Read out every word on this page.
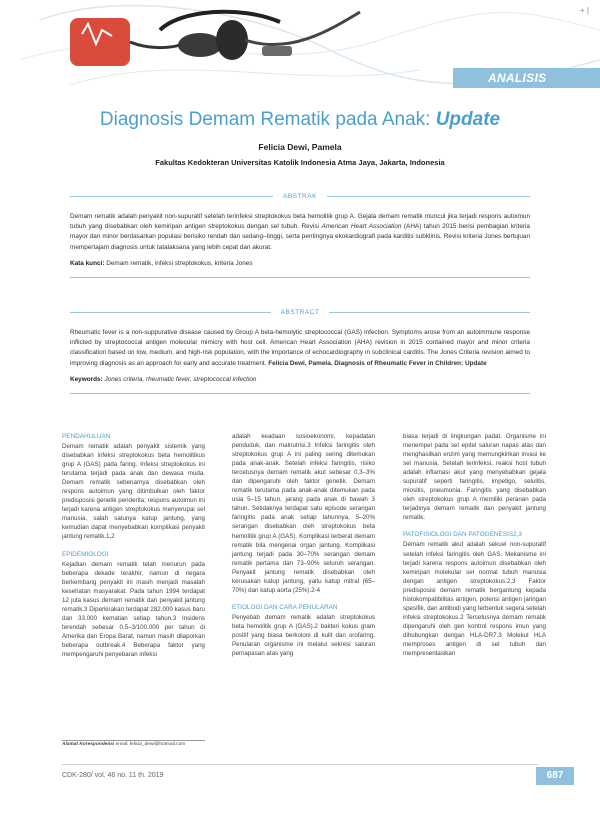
+ |
ANALISIS
Diagnosis Demam Rematik pada Anak: Update
Felicia Dewi, Pamela
Fakultas Kedokteran Universitas Katolik Indonesia Atma Jaya, Jakarta, Indonesia
ABSTRAK
Demam rematik adalah penyakit non-supuratif setelah terinfeksi streptokokus beta hemolitik grup A. Gejala demam rematik muncul jika terjadi respons autoimun tubuh yang disebabkan oleh kemiripan antigen streptokokus dengan sel tubuh. Revisi American Heart Association (AHA) tahun 2015 berisi pembagian kriteria mayor dan minor berdasarkan populasi berisiko rendah dan sedang–tinggi, serta pentingnya ekokardiografi pada karditis subklinis. Revisi kriteria Jones bertujuan mempertajam diagnosis untuk tatalaksana yang lebih cepat dan akurat.
Kata kunci: Demam rematik, infeksi streptokokus, kriteria Jones
ABSTRACT
Rheumatic fever is a non-suppurative disease caused by Group A beta-hemolytic streptococcal (GAS) infection. Symptoms arose from an autoimmune response inflicted by streptococcal antigen molecular mimicry with host cell. American Heart Association (AHA) revision in 2015 contained mayor and minor criteria classification based on low, medium, and high-risk population, with the importance of echocardiography in subclinical carditis. The Jones Criteria revision aimed to improving diagnosis as an approach for early and accurate treatment. Felicia Dewi, Pamela. Diagnosis of Rheumatic Fever in Children: Update
Keywords: Jones criteria, rheumatic fever, streptococcal infection
PENDAHULUAN
Demam rematik adalah penyakit sistemik yang disebabkan infeksi streptokokus beta hemolitikus grup A (GAS) pada faring. Infeksi streptokokus ini terutama terjadi pada anak dan dewasa muda. Demam rematik sebenarnya disebabkan oleh respons autoimun yang ditimbulkan oleh faktor predisposisi genetik penderita; respons autoimun ini terjadi karena antigen streptokokus menyerupai sel manusia, salah satunya katup jantung, yang kemudian dapat menyebabkan komplikasi penyakit jantung rematik.1,2
EPIDEMIOLOGI
Kejadian demam rematik telah menurun pada beberapa dekade terakhir, namun di negara berkembang penyakit ini masih menjadi masalah kesehatan masyarakat. Pada tahun 1994 terdapat 12 juta kasus demam rematik dan penyakit jantung rematik.3 Diperkirakan terdapat 282.000 kasus baru dan 33.000 kematian setiap tahun.3 Insidens terendah sebesar 0,5–3/100.000 per tahun di Amerika dan Eropa Barat, namun masih dilaporkan beberapa outbreak.4 Beberapa faktor yang mempengaruhi penyebaran infeksi
adalah keadaan sosioekonomi, kepadatan penduduk, dan malnutrisi.3 Infeksi faringitis oleh streptokokus grup A ini paling sering ditemukan pada anak-anak. Setelah infeksi faringitis, risiko tercetusnya demam rematik akut sebesar 0,3–3% dan dipengaruhi oleh faktor genetik. Demam rematik terutama pada anak-anak ditemukan pada usia 5–15 tahun, jarang pada anak di bawah 3 tahun. Setidaknya terdapat satu episode serangan faringitis pada anak setiap tahunnya, 5–20% serangan disebabkan oleh streptokokus beta hemolitik grup A (GAS). Komplikasi terberat demam rematik bila mengenai organ jantung. Komplikasi jantung terjadi pada 30–70% serangan demam rematik pertama dan 73–90% seluruh serangan. Penyakit jantung rematik disebabkan oleh kerusakan katup jantung, yaitu katup mitral (65–70%) dan katup aorta (25%).2-4
ETIOLOGI DAN CARA PENULARAN
Penyebab demam rematik adalah streptokokus beta hemolitik grup A (GAS).2 bakteri kokus gram positif yang biasa berkoloni di kulit dan orofaring. Penularan organisme ini melalui sekresi saluran pernapasan atas yang
biasa terjadi di lingkungan padat. Organisme ini menempel pada sel epitel saluran napas atas dan menghasilkan enzim yang memungkinkan invasi ke sel manusia. Setelah terinfeksi, reaksi host tubuh adalah inflamasi akut yang menyebabkan gejala supuratif seperti faringitis, impetigo, selulitis, miositis, pneumonia. Faringitis yang disebabkan oleh streptokokus grup A memiliki peranan pada terjadinya demam rematik dan penyakit jantung rematik.
PATOFISIOLOGI DAN PATOGENESIS2,3
Demam rematik akut adalah sekuel non-supuratif setelah infeksi faringitis oleh GAS. Mekanisme ini terjadi karena respons autoimun disebabkan oleh kemiripan molekular sel normal tubuh manusia dengan antigen streptokokus.2,3 Faktor predisposisi demam rematik bergantung kepada histokompatibilitas antigen, potensi antigen jaringan spesifik, dan antibodi yang terbentuk segera setelah infeksi streptokokus.2 Tercetusnya demam rematik dipengaruhi oleh gen kontrol respons imun yang dihubungkan dengan HLA-DR7.3 Molekul HLA memproses antigen di sel tubuh dan mempresentasikan
Alamat Korespondensi email: felicia_dewi@hotmail.com
CDK-280/ vol. 46 no. 11 th. 2019	687
